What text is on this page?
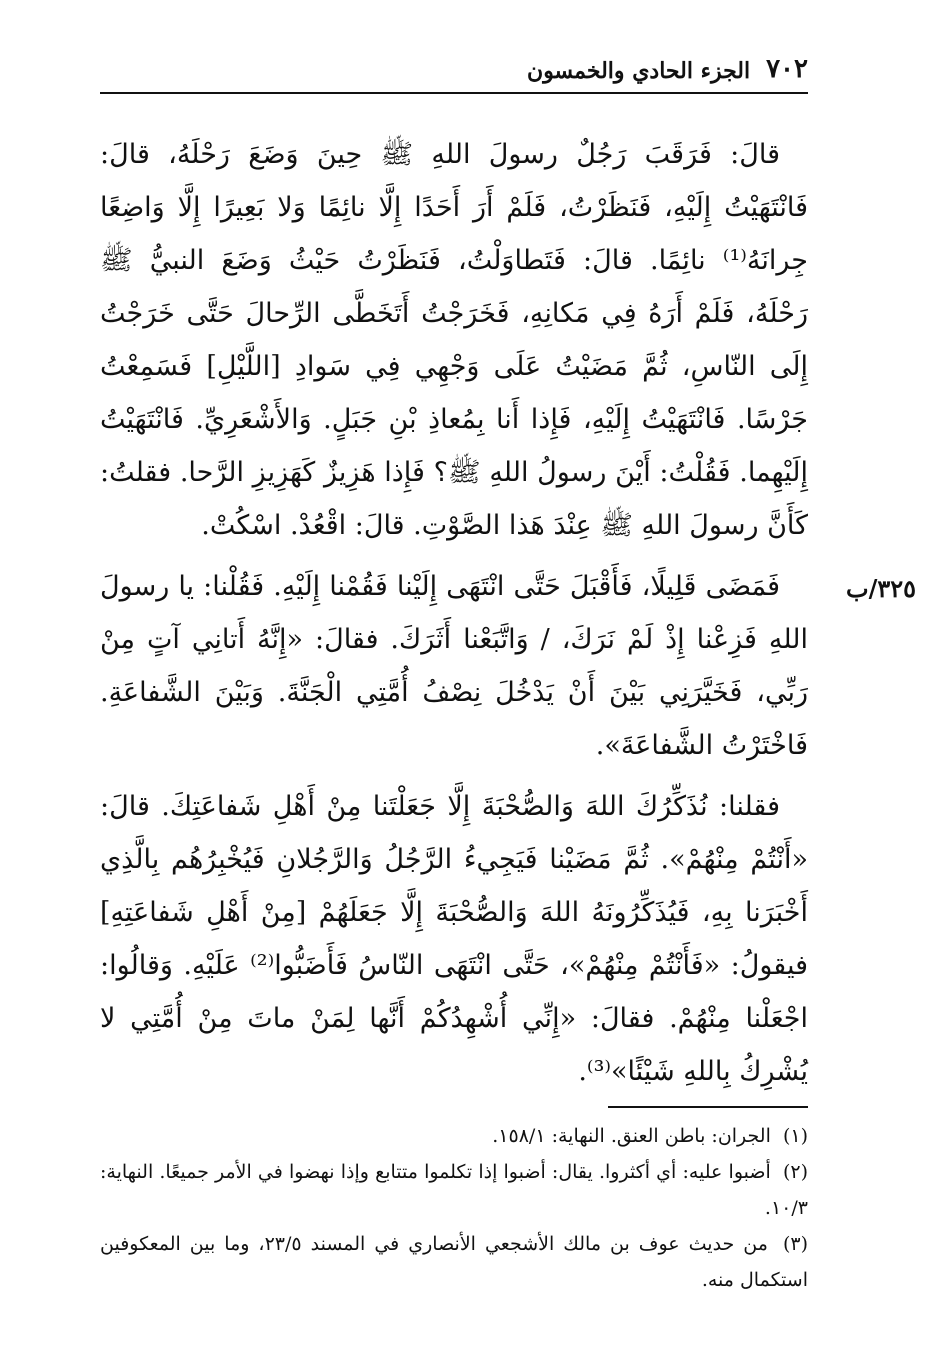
٧٠٢
الجزء الحادي والخمسون
٣٢٥/ب

قالَ: فَرَقَبَ رَجُلٌ رسولَ اللهِ ﷺ حِينَ وَضَعَ رَحْلَهُ، قالَ: فَانْتَهَيْتُ إِلَيْهِ، فَنَظَرْتُ، فَلَمْ أَرَ أَحَدًا إِلَّا نائِمًا وَلا بَعِيرًا إِلَّا وَاضِعًا جِرانَهُ⁽¹⁾ نائِمًا. قالَ: فَتَطاوَلْتُ، فَنَظَرْتُ حَيْثُ وَضَعَ النبيُّ ﷺ رَحْلَهُ، فَلَمْ أَرَهُ فِي مَكانِهِ، فَخَرَجْتُ أَتَخَطَّى الرِّحالَ حَتَّى خَرَجْتُ إِلَى النّاسِ، ثُمَّ مَضَيْتُ عَلَى وَجْهِي فِي سَوادِ [اللَّيْلِ] فَسَمِعْتُ جَرْسًا. فَانْتَهَيْتُ إِلَيْهِ، فَإِذا أَنا بِمُعاذِ بْنِ جَبَلٍ. وَالأَشْعَرِيِّ. فَانْتَهَيْتُ إِلَيْهِما. فَقُلْتُ: أَيْنَ رسولُ اللهِ ﷺ؟ فَإِذا هَزِيزٌ كَهَزِيزِ الرَّحا. فقلتُ: كَأَنَّ رسولَ اللهِ ﷺ عِنْدَ هَذا الصَّوْتِ. قالَ: اقْعُدْ. اسْكُتْ.

فَمَضَى قَلِيلًا، فَأَقْبَلَ حَتَّى انْتَهَى إِلَيْنا فَقُمْنا إِلَيْهِ. فَقُلْنا: يا رسولَ اللهِ فَزِعْنا إِذْ لَمْ نَرَكَ، / وَاتَّبَعْنا أَثَرَكَ. فقالَ: «إِنَّهُ أَتانِي آتٍ مِنْ رَبِّي، فَخَيَّرَنِي بَيْنَ أَنْ يَدْخُلَ نِصْفُ أُمَّتِي الْجَنَّةَ. وَبَيْنَ الشَّفاعَةِ. فَاخْتَرْتُ الشَّفاعَةَ».

فقلنا: نُذَكِّرُكَ اللهَ وَالصُّحْبَةَ إِلَّا جَعَلْتَنا مِنْ أَهْلِ شَفاعَتِكَ. قالَ: «أَنْتُمْ مِنْهُمْ». ثُمَّ مَضَيْنا فَيَجِيءُ الرَّجُلُ وَالرَّجُلانِ فَيُخْبِرُهُم بِالَّذِي أَخْبَرَنا بِهِ، فَيُذَكِّرُونَهُ اللهَ وَالصُّحْبَةَ إِلَّا جَعَلَهُمْ [مِنْ أَهْلِ شَفاعَتِهِ] فيقولُ: «فَأَنْتُمْ مِنْهُمْ»، حَتَّى انْتَهَى النّاسُ فَأَضَبُّوا⁽²⁾ عَلَيْهِ. وَقالُوا: اجْعَلْنا مِنْهُمْ. فقالَ: «إِنِّي أُشْهِدُكُمْ أَنَّها لِمَنْ ماتَ مِنْ أُمَّتِي لا يُشْرِكُ بِاللهِ شَيْئًا»⁽³⁾.

(١) الجران: باطن العنق. النهاية: ١٥٨/١.

(٢) أضبوا عليه: أي أكثروا. يقال: أضبوا إذا تكلموا متتابع وإذا نهضوا في الأمر جميعًا. النهاية: ١٠/٣.

(٣) من حديث عوف بن مالك الأشجعي الأنصاري في المسند ٢٣/٥، وما بين المعكوفين استكمال منه.
